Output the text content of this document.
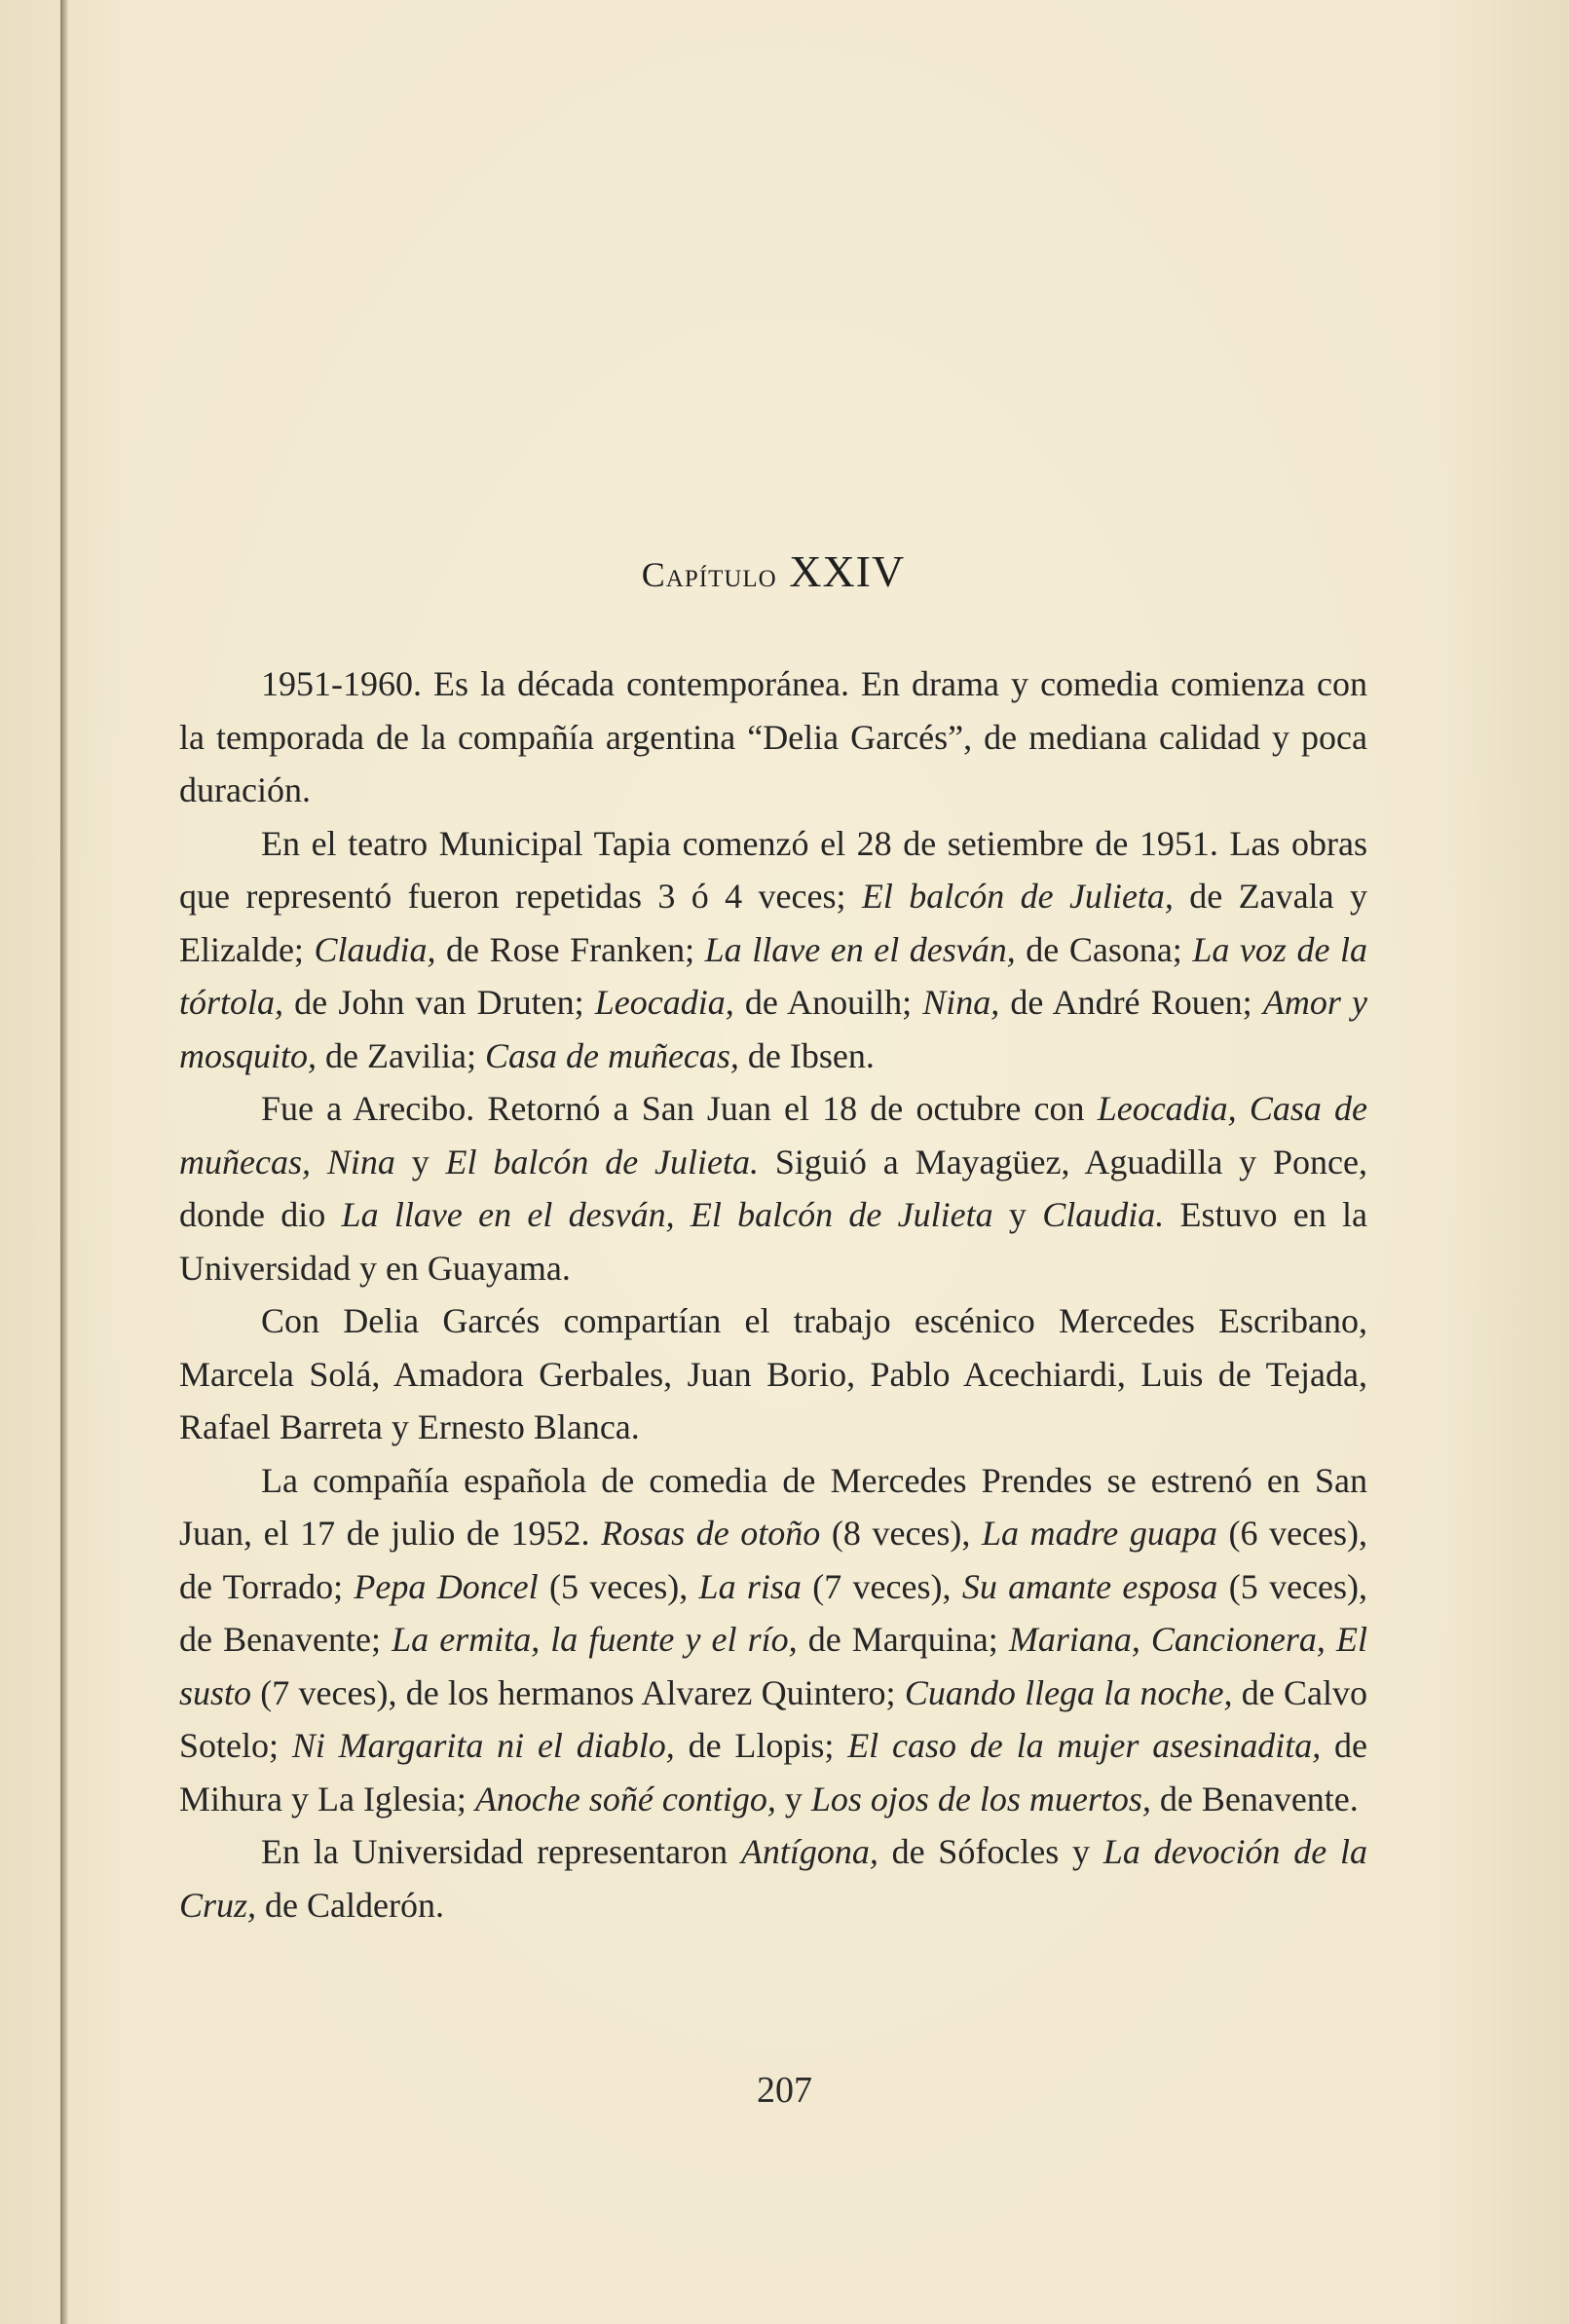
Capítulo XXIV

1951-1960. Es la década contemporánea. En drama y comedia comienza con la temporada de la compañía argentina “Delia Garcés”, de mediana calidad y poca duración.

En el teatro Municipal Tapia comenzó el 28 de setiembre de 1951. Las obras que representó fueron repetidas 3 ó 4 veces; El balcón de Julieta, de Zavala y Elizalde; Claudia, de Rose Franken; La llave en el desván, de Casona; La voz de la tórtola, de John van Druten; Leocadia, de Anouilh; Nina, de André Rouen; Amor y mosquito, de Zavilia; Casa de muñecas, de Ibsen.

Fue a Arecibo. Retornó a San Juan el 18 de octubre con Leocadia, Casa de muñecas, Nina y El balcón de Julieta. Siguió a Mayagüez, Aguadilla y Ponce, donde dio La llave en el desván, El balcón de Julieta y Claudia. Estuvo en la Universidad y en Guayama.

Con Delia Garcés compartían el trabajo escénico Mercedes Escribano, Marcela Solá, Amadora Gerbales, Juan Borio, Pablo Acechiardi, Luis de Tejada, Rafael Barreta y Ernesto Blanca.

La compañía española de comedia de Mercedes Prendes se estrenó en San Juan, el 17 de julio de 1952. Rosas de otoño (8 veces), La madre guapa (6 veces), de Torrado; Pepa Doncel (5 veces), La risa (7 veces), Su amante esposa (5 veces), de Benavente; La ermita, la fuente y el río, de Marquina; Mariana, Cancionera, El susto (7 veces), de los hermanos Alvarez Quintero; Cuando llega la noche, de Calvo Sotelo; Ni Margarita ni el diablo, de Llopis; El caso de la mujer asesinadita, de Mihura y La Iglesia; Anoche soñé contigo, y Los ojos de los muertos, de Benavente.

En la Universidad representaron Antígona, de Sófocles y La devoción de la Cruz, de Calderón.

207
